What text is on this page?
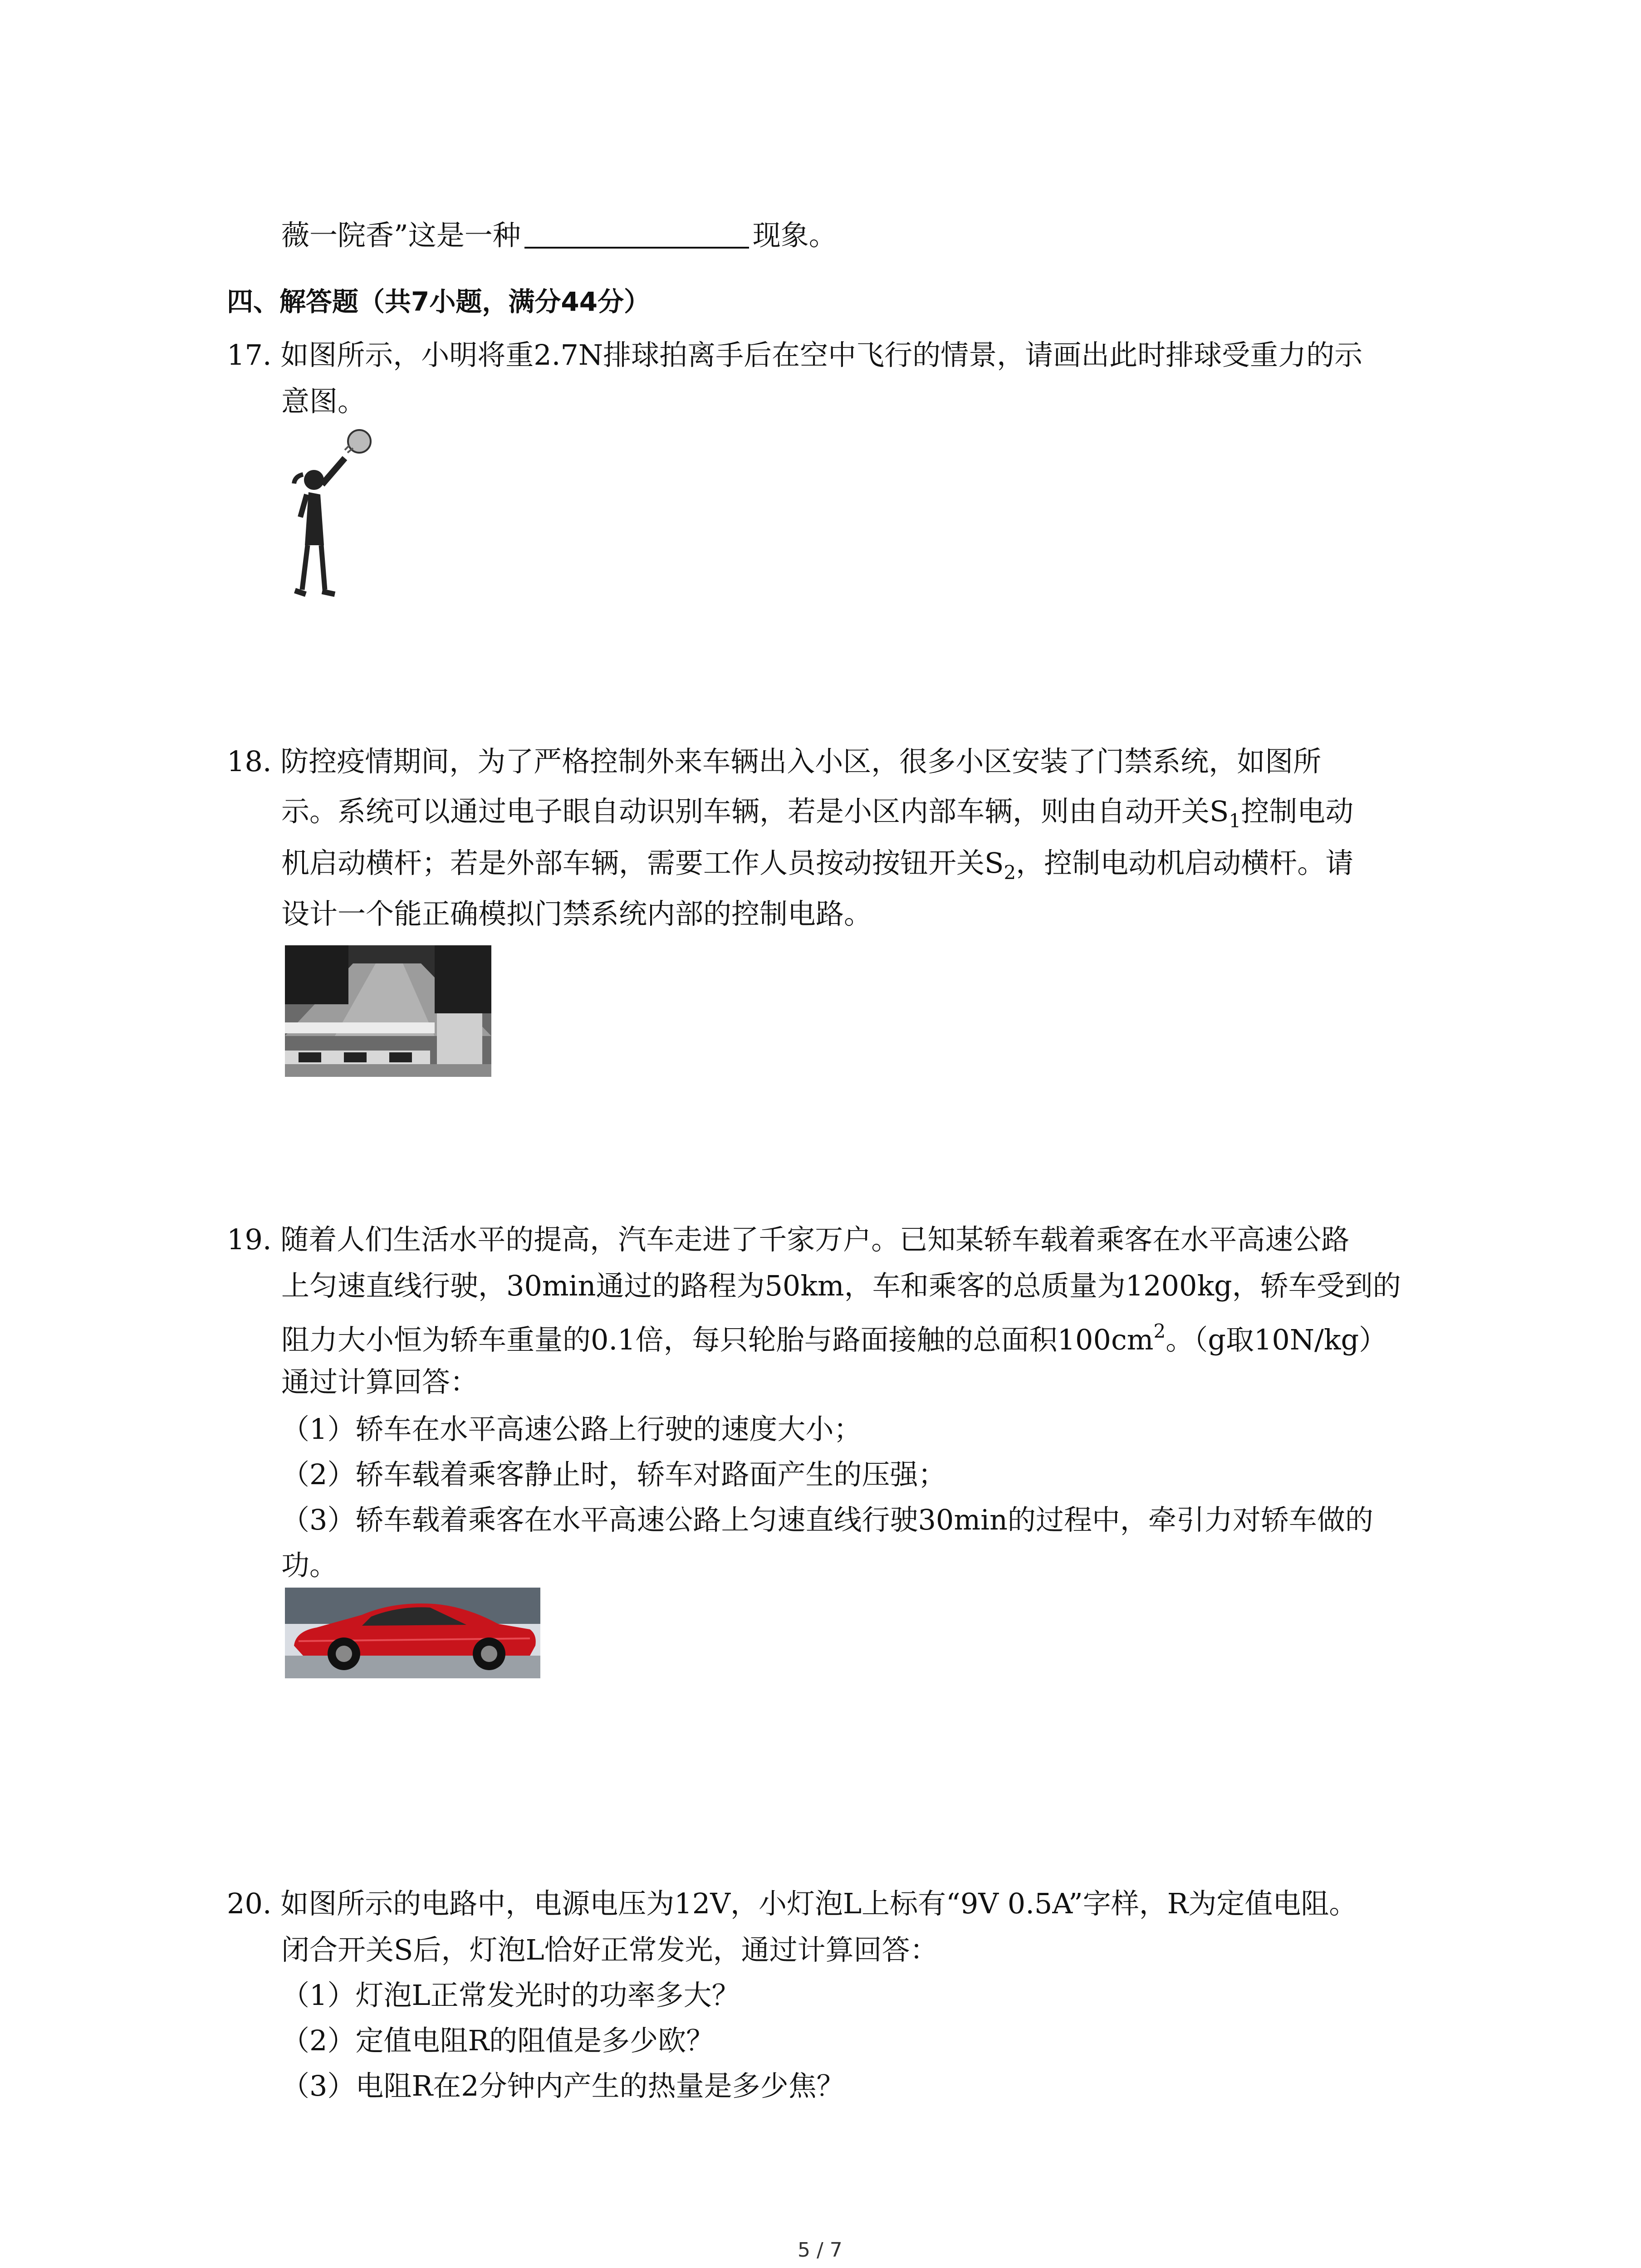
薇一院香”这是一种	现象。
四、解答题（共7小题，满分44分）
17. 如图所示，小明将重2.7N排球拍离手后在空中飞行的情景，请画出此时排球受重力的示
意图。
18. 防控疫情期间，为了严格控制外来车辆出入小区，很多小区安装了门禁系统，如图所
示。系统可以通过电子眼自动识别车辆，若是小区内部车辆，则由自动开关$S_1$控制电动
机启动横杆；若是外部车辆，需要工作人员按动按钮开关$S_2$，控制电动机启动横杆。请
设计一个能正确模拟门禁系统内部的控制电路。
19. 随着人们生活水平的提高，汽车走进了千家万户。已知某轿车载着乘客在水平高速公路
上匀速直线行驶，30min通过的路程为50km，车和乘客的总质量为1200kg，轿车受到的
阻力大小恒为轿车重量的0.1倍，每只轮胎与路面接触的总面积$100cm^2$。（g取10N/kg）
通过计算回答：
（1）轿车在水平高速公路上行驶的速度大小；
（2）轿车载着乘客静止时，轿车对路面产生的压强；
（3）轿车载着乘客在水平高速公路上匀速直线行驶30min的过程中，牵引力对轿车做的
功。
20. 如图所示的电路中，电源电压为12V，小灯泡L上标有“9V 0.5A”字样，R为定值电阻。
闭合开关S后，灯泡L恰好正常发光，通过计算回答：
（1）灯泡L正常发光时的功率多大？
（2）定值电阻R的阻值是多少欧？
（3）电阻R在2分钟内产生的热量是多少焦？
5 / 7
